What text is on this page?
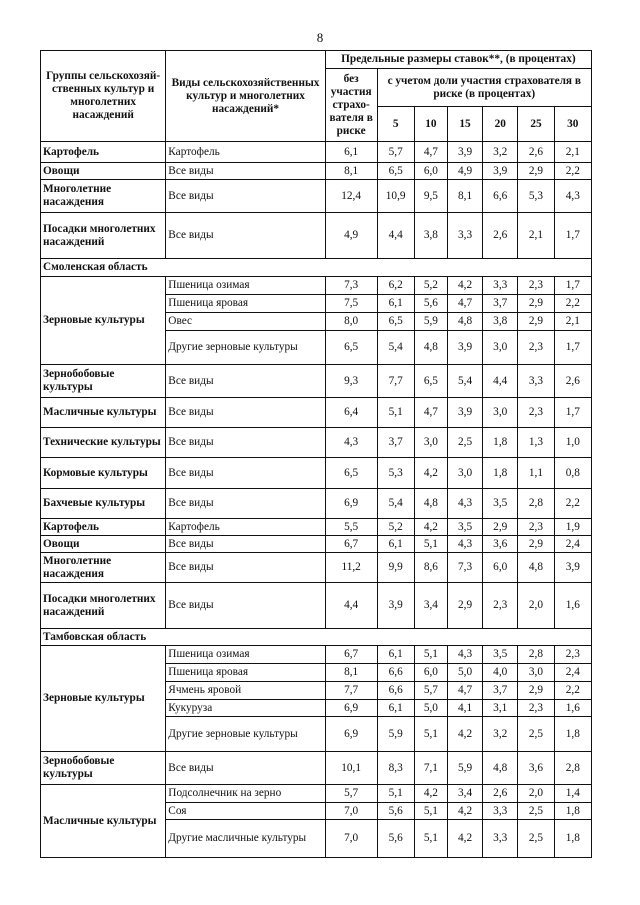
8
Группы сельскохозяй-ственных культур и многолетних насаждений	Виды сельскохозяйственных культур и многолетних насаждений*	Предельные размеры ставок**, (в процентах)						
		без участия страхо-вателя в риске	с учетом доли участия страхователя в риске (в процентах)					
			5	10	15	20	25	30
Картофель	Картофель	6,1	5,7	4,7	3,9	3,2	2,6	2,1
Овощи	Все виды	8,1	6,5	6,0	4,9	3,9	2,9	2,2
Многолетние насаждения	Все виды	12,4	10,9	9,5	8,1	6,6	5,3	4,3
Посадки многолетних насаждений	Все виды	4,9	4,4	3,8	3,3	2,6	2,1	1,7
Смоленская область								
Зерновые культуры	Пшеница озимая	7,3	6,2	5,2	4,2	3,3	2,3	1,7
	Пшеница яровая	7,5	6,1	5,6	4,7	3,7	2,9	2,2
	Овес	8,0	6,5	5,9	4,8	3,8	2,9	2,1
	Другие зерновые культуры	6,5	5,4	4,8	3,9	3,0	2,3	1,7
Зернобобовые культуры	Все виды	9,3	7,7	6,5	5,4	4,4	3,3	2,6
Масличные культуры	Все виды	6,4	5,1	4,7	3,9	3,0	2,3	1,7
Технические культуры	Все виды	4,3	3,7	3,0	2,5	1,8	1,3	1,0
Кормовые культуры	Все виды	6,5	5,3	4,2	3,0	1,8	1,1	0,8
Бахчевые культуры	Все виды	6,9	5,4	4,8	4,3	3,5	2,8	2,2
Картофель	Картофель	5,5	5,2	4,2	3,5	2,9	2,3	1,9
Овощи	Все виды	6,7	6,1	5,1	4,3	3,6	2,9	2,4
Многолетние насаждения	Все виды	11,2	9,9	8,6	7,3	6,0	4,8	3,9
Посадки многолетних насаждений	Все виды	4,4	3,9	3,4	2,9	2,3	2,0	1,6
Тамбовская область								
Зерновые культуры	Пшеница озимая	6,7	6,1	5,1	4,3	3,5	2,8	2,3
	Пшеница яровая	8,1	6,6	6,0	5,0	4,0	3,0	2,4
	Ячмень яровой	7,7	6,6	5,7	4,7	3,7	2,9	2,2
	Кукуруза	6,9	6,1	5,0	4,1	3,1	2,3	1,6
	Другие зерновые культуры	6,9	5,9	5,1	4,2	3,2	2,5	1,8
Зернобобовые культуры	Все виды	10,1	8,3	7,1	5,9	4,8	3,6	2,8
Масличные культуры	Подсолнечник на зерно	5,7	5,1	4,2	3,4	2,6	2,0	1,4
	Соя	7,0	5,6	5,1	4,2	3,3	2,5	1,8
	Другие масличные культуры	7,0	5,6	5,1	4,2	3,3	2,5	1,8
